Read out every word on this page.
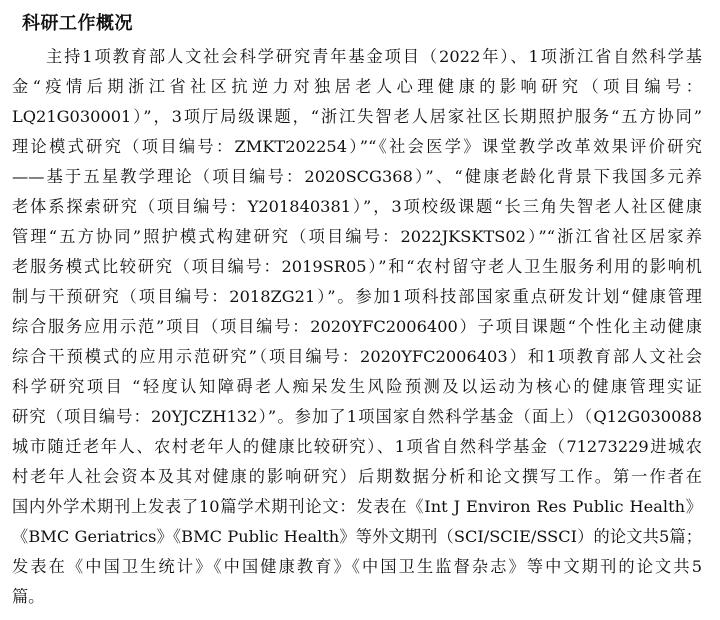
科研工作概况
主持1项教育部人文社会科学研究青年基金项目（2022年）、1项浙江省自然科学基
金“疫情后期浙江省社区抗逆力对独居老人心理健康的影响研究（项目编号：
LQ21G030001）”，3项厅局级课题，“浙江失智老人居家社区长期照护服务“五方协同”
理论模式研究（项目编号：ZMKT202254）”“《社会医学》课堂教学改革效果评价研究
——基于五星教学理论（项目编号：2020SCG368）”、“健康老龄化背景下我国多元养
老体系探索研究（项目编号：Y201840381）”，3项校级课题“长三角失智老人社区健康
管理“五方协同”照护模式构建研究（项目编号：2022JKSKTS02）”“浙江省社区居家养
老服务模式比较研究（项目编号：2019SR05）”和“农村留守老人卫生服务利用的影响机
制与干预研究（项目编号：2018ZG21）”。参加1项科技部国家重点研发计划“健康管理
综合服务应用示范”项目（项目编号：2020YFC2006400）子项目课题“个性化主动健康
综合干预模式的应用示范研究”（项目编号：2020YFC2006403）和1项教育部人文社会
科学研究项目 “轻度认知障碍老人痴呆发生风险预测及以运动为核心的健康管理实证
研究（项目编号：20YJCZH132）”。参加了1项国家自然科学基金（面上）（Q12G030088
城市随迁老年人、农村老年人的健康比较研究）、1项省自然科学基金（71273229进城农
村老年人社会资本及其对健康的影响研究）后期数据分析和论文撰写工作。第一作者在
国内外学术期刊上发表了10篇学术期刊论文：发表在《Int J Environ Res Public Health》
《BMC Geriatrics》《BMC Public Health》等外文期刊（SCI/SCIE/SSCI）的论文共5篇；
发表在《中国卫生统计》《中国健康教育》《中国卫生监督杂志》等中文期刊的论文共5
篇。
